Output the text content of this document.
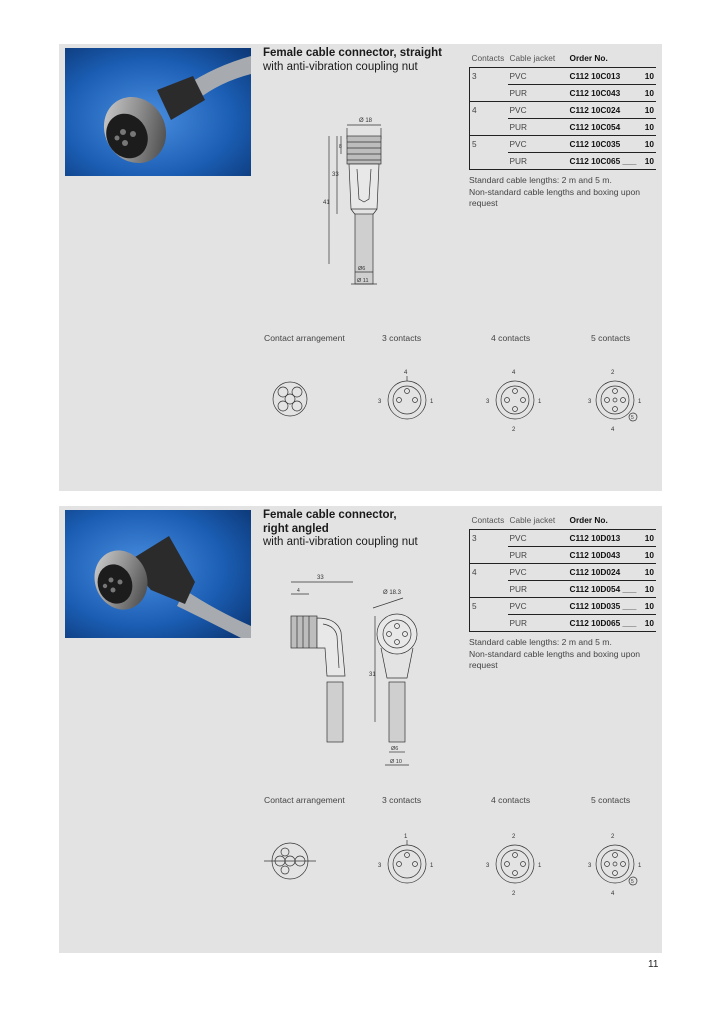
Female cable connector, straight
with anti-vibration coupling nut
Contacts	Cable jacket	Order No.	
3	PVC	C112 10C013	10
	PUR	C112 10C043	10
4	PVC	C112 10C024	10
	PUR	C112 10C054	10
5	PVC	C112 10C035	10
	PUR	C112 10C065 ___	10
Standard cable lengths: 2 m and 5 m.
Non-standard cable lengths and boxing upon
request
Ø 18
41
33
8
Ø6
Ø 11
Contact arrangement	3 contacts	4 contacts	5 contacts
4
3	1
4
3	1
2
2
3	1
4
5
Female cable connector,
right angled
with anti-vibration coupling nut
Contacts	Cable jacket	Order No.	
3	PVC	C112 10D013	10
	PUR	C112 10D043	10
4	PVC	C112 10D024	10
	PUR	C112 10D054 ___	10
5	PVC	C112 10D035 ___	10
	PUR	C112 10D065 ___	10
Standard cable lengths: 2 m and 5 m.
Non-standard cable lengths and boxing upon
request
33
4	Ø 18.3
31
Ø6
Ø 10
Contact arrangement	3 contacts	4 contacts	5 contacts
1
3	1
2
3	1
2
2
3	1
4
5
11
